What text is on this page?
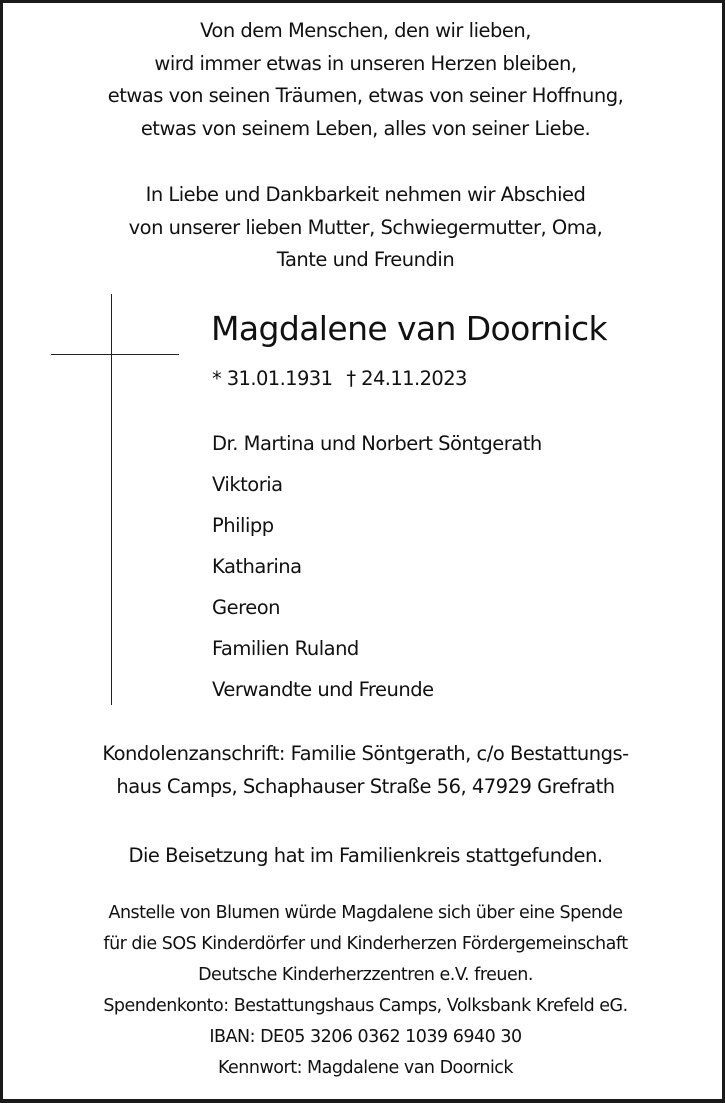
Von dem Menschen, den wir lieben,
wird immer etwas in unseren Herzen bleiben,
etwas von seinen Träumen, etwas von seiner Hoffnung,
etwas von seinem Leben, alles von seiner Liebe.
In Liebe und Dankbarkeit nehmen wir Abschied
von unserer lieben Mutter, Schwiegermutter, Oma,
Tante und Freundin
Magdalene van Doornick
* 31.01.1931 † 24.11.2023
Dr. Martina und Norbert Söntgerath
Viktoria
Philipp
Katharina
Gereon
Familien Ruland
Verwandte und Freunde
Kondolenzanschrift: Familie Söntgerath, c/o Bestattungs-
haus Camps, Schaphauser Straße 56, 47929 Grefrath
Die Beisetzung hat im Familienkreis stattgefunden.
Anstelle von Blumen würde Magdalene sich über eine Spende
für die SOS Kinderdörfer und Kinderherzen Fördergemeinschaft
Deutsche Kinderherzzentren e.V. freuen.
Spendenkonto: Bestattungshaus Camps, Volksbank Krefeld eG.
IBAN: DE05 3206 0362 1039 6940 30
Kennwort: Magdalene van Doornick
